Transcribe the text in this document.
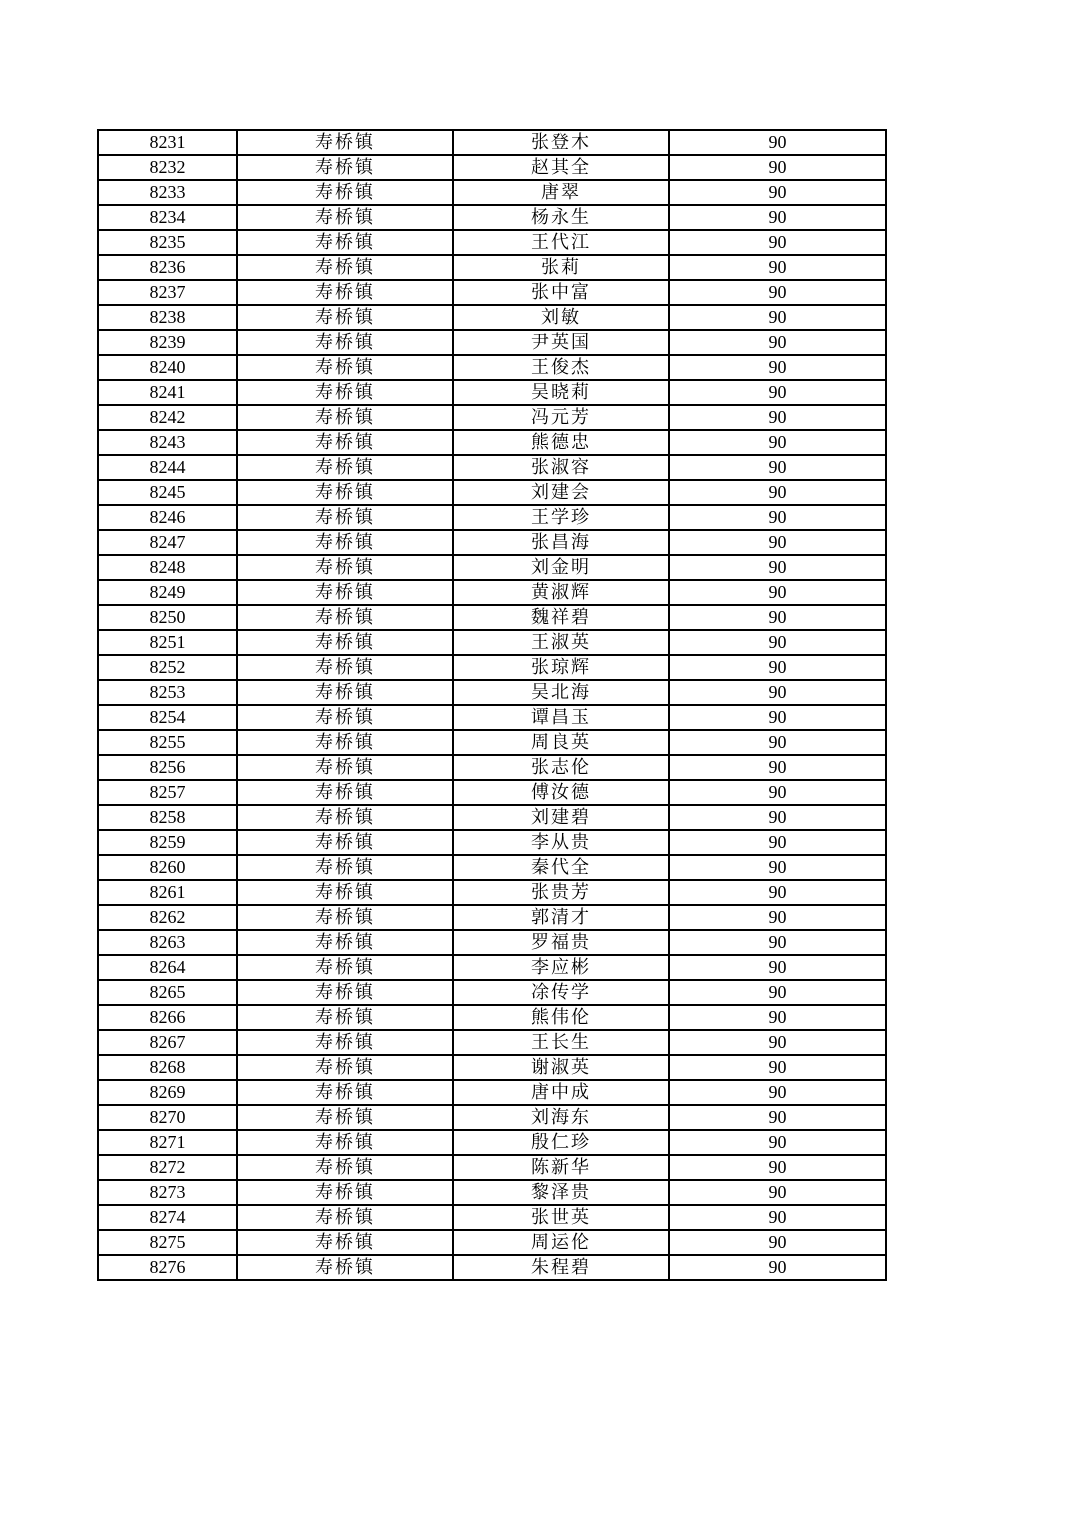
8231	寿桥镇	张登木	90
8232	寿桥镇	赵其全	90
8233	寿桥镇	唐翠	90
8234	寿桥镇	杨永生	90
8235	寿桥镇	王代江	90
8236	寿桥镇	张莉	90
8237	寿桥镇	张中富	90
8238	寿桥镇	刘敏	90
8239	寿桥镇	尹英国	90
8240	寿桥镇	王俊杰	90
8241	寿桥镇	吴晓莉	90
8242	寿桥镇	冯元芳	90
8243	寿桥镇	熊德忠	90
8244	寿桥镇	张淑容	90
8245	寿桥镇	刘建会	90
8246	寿桥镇	王学珍	90
8247	寿桥镇	张昌海	90
8248	寿桥镇	刘金明	90
8249	寿桥镇	黄淑辉	90
8250	寿桥镇	魏祥碧	90
8251	寿桥镇	王淑英	90
8252	寿桥镇	张琼辉	90
8253	寿桥镇	吴北海	90
8254	寿桥镇	谭昌玉	90
8255	寿桥镇	周良英	90
8256	寿桥镇	张志伦	90
8257	寿桥镇	傅汝德	90
8258	寿桥镇	刘建碧	90
8259	寿桥镇	李从贵	90
8260	寿桥镇	秦代全	90
8261	寿桥镇	张贵芳	90
8262	寿桥镇	郭清才	90
8263	寿桥镇	罗福贵	90
8264	寿桥镇	李应彬	90
8265	寿桥镇	凃传学	90
8266	寿桥镇	熊伟伦	90
8267	寿桥镇	王长生	90
8268	寿桥镇	谢淑英	90
8269	寿桥镇	唐中成	90
8270	寿桥镇	刘海东	90
8271	寿桥镇	殷仁珍	90
8272	寿桥镇	陈新华	90
8273	寿桥镇	黎泽贵	90
8274	寿桥镇	张世英	90
8275	寿桥镇	周运伦	90
8276	寿桥镇	朱程碧	90
